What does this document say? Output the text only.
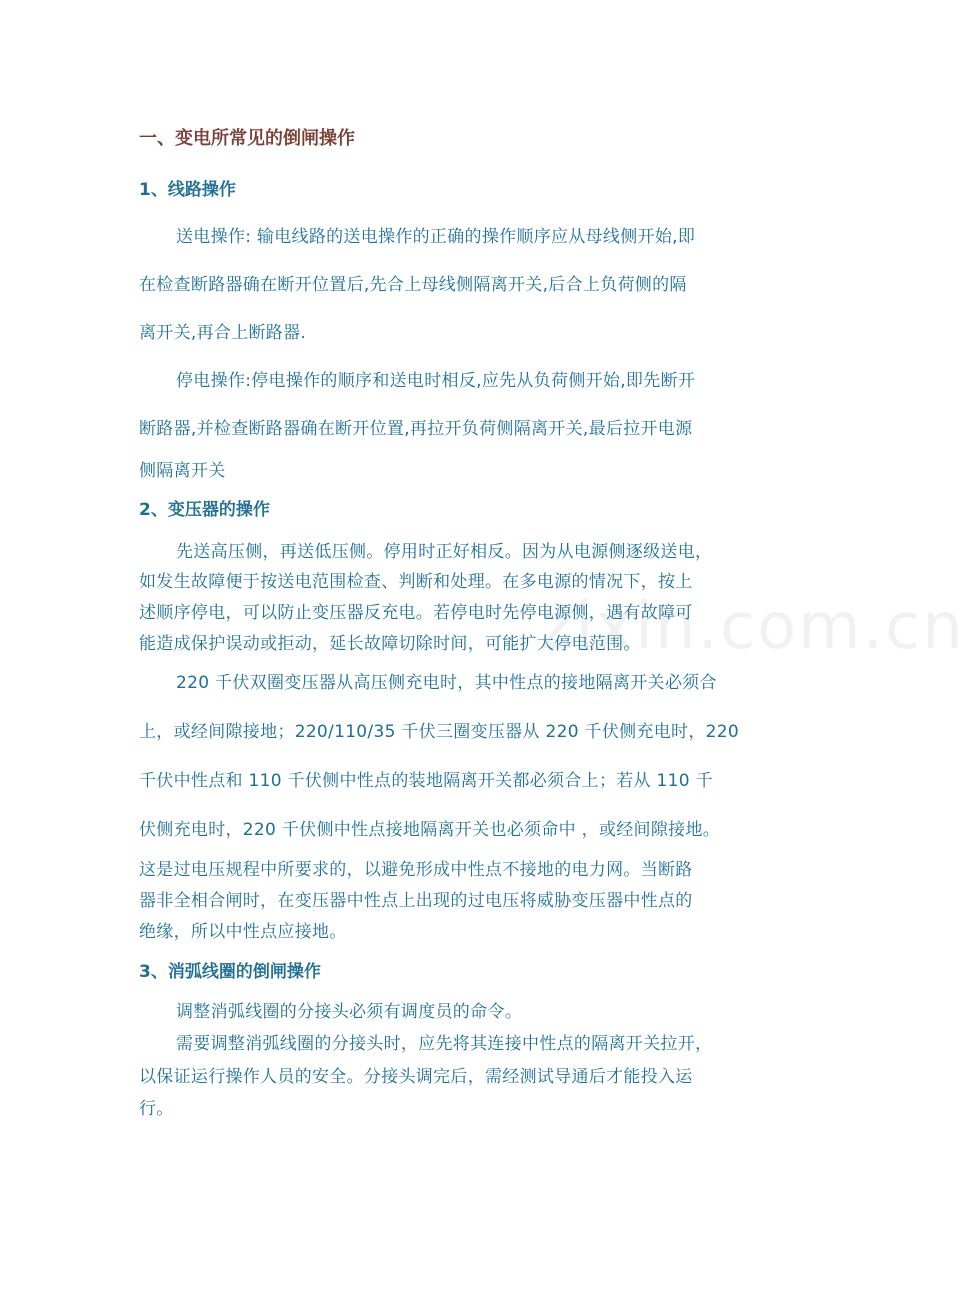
zixin.com.cn
一、变电所常见的倒闸操作
1、线路操作
送电操作: 输电线路的送电操作的正确的操作顺序应从母线侧开始,即
在检查断路器确在断开位置后,先合上母线侧隔离开关,后合上负荷侧的隔
离开关,再合上断路器.
停电操作:停电操作的顺序和送电时相反,应先从负荷侧开始,即先断开
断路器,并检查断路器确在断开位置,再拉开负荷侧隔离开关,最后拉开电源
侧隔离开关
2、变压器的操作
先送高压侧，再送低压侧。停用时正好相反。因为从电源侧逐级送电，
如发生故障便于按送电范围检查、判断和处理。在多电源的情况下，按上
述顺序停电，可以防止变压器反充电。若停电时先停电源侧，遇有故障可
能造成保护误动或拒动，延长故障切除时间，可能扩大停电范围。
220 千伏双圈变压器从高压侧充电时，其中性点的接地隔离开关必须合
上，或经间隙接地；220/110/35 千伏三圈变压器从 220 千伏侧充电时，220
千伏中性点和 110 千伏侧中性点的装地隔离开关都必须合上；若从 110 千
伏侧充电时，220 千伏侧中性点接地隔离开关也必须命中 ，或经间隙接地。
这是过电压规程中所要求的，以避免形成中性点不接地的电力网。当断路
器非全相合闸时，在变压器中性点上出现的过电压将威胁变压器中性点的
绝缘，所以中性点应接地。
3、消弧线圈的倒闸操作
调整消弧线圈的分接头必须有调度员的命令。
需要调整消弧线圈的分接头时，应先将其连接中性点的隔离开关拉开，
以保证运行操作人员的安全。分接头调完后，需经测试导通后才能投入运
行。
